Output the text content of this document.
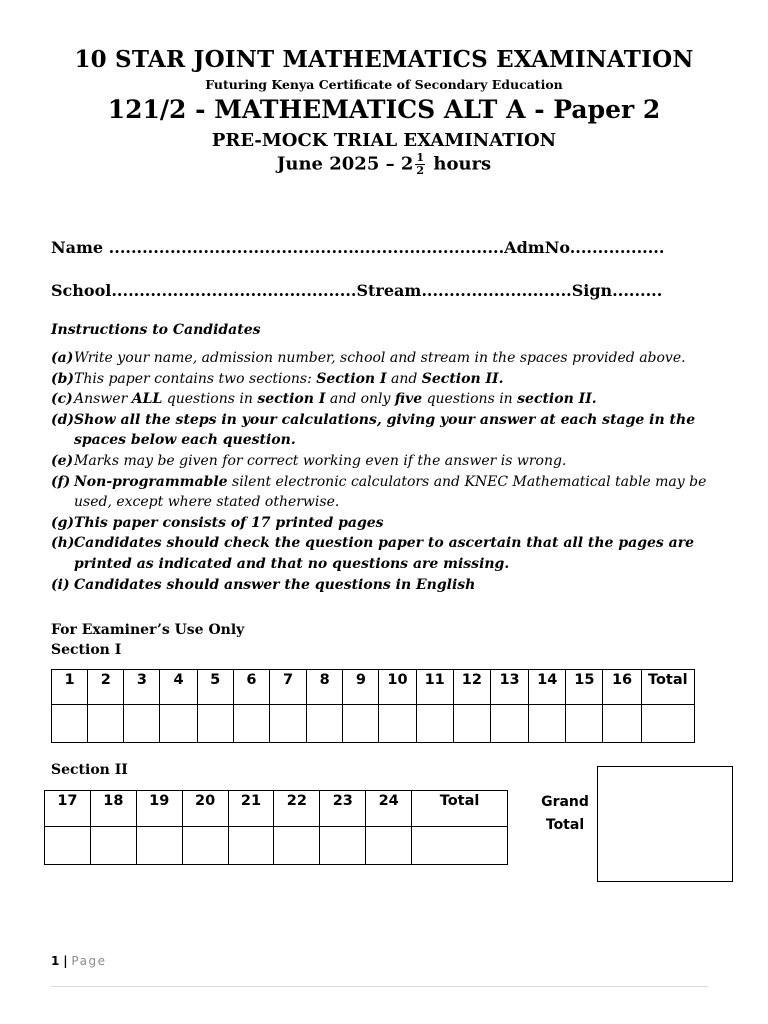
10 STAR JOINT MATHEMATICS EXAMINATION
Futuring Kenya Certificate of Secondary Education
121/2 - MATHEMATICS ALT A - Paper 2
PRE-MOCK TRIAL EXAMINATION
June $2025 - 2 \frac{1}{2}$ hours
Name .......................................................................AdmNo.................
School............................................Stream...........................Sign.........
Instructions to Candidates
(a) Write your name, admission number, school and stream in the spaces provided above.
(b) This paper contains two sections: Section I and Section II.
(c) Answer ALL questions in section I and only five questions in section II.
(d) Show all the steps in your calculations, giving your answer at each stage in the spaces below each question.
(e) Marks may be given for correct working even if the answer is wrong.
(f) Non-programmable silent electronic calculators and KNEC Mathematical table may be used, except where stated otherwise.
(g) This paper consists of 17 printed pages
(h) Candidates should check the question paper to ascertain that all the pages are printed as indicated and that no questions are missing.
(i) Candidates should answer the questions in English
For Examiner’s Use Only
Section I
1	2	3	4	5	6	7	8	9	10	11	12	13	14	15	16	Total

Section II
17	18	19	20	21	22	23	24	Total
									Grand
Total
1 | Page
